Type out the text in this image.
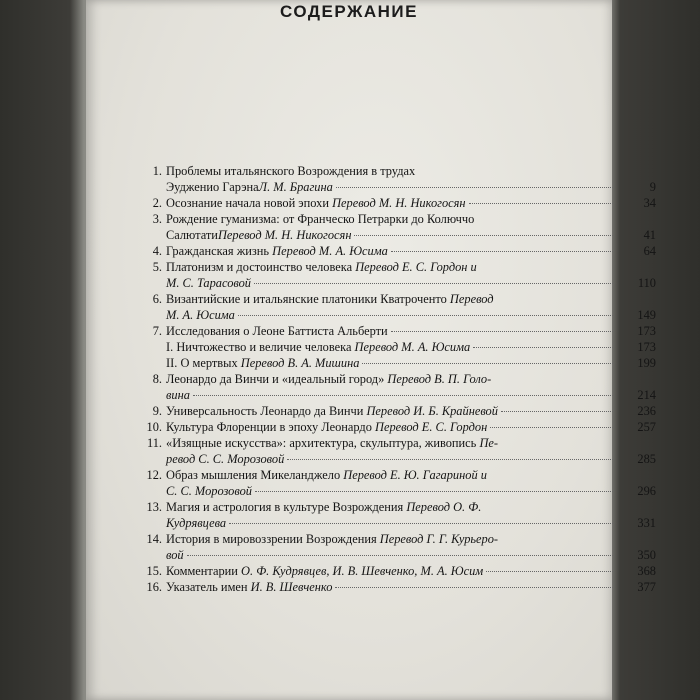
СОДЕРЖАНИЕ
1. Проблемы итальянского Возрождения в трудах
Эудженио Гарэна Л. М. Брагина	9
2. Осознание начала новой эпохи Перевод М. Н. Никогосян	34
3. Рождение гуманизма: от Франческо Петрарки до Колюччо
Салютати Перевод М. Н. Никогосян	41
4. Гражданская жизнь Перевод М. А. Юсима	64
5. Платонизм и достоинство человека Перевод Е. С. Гордон и
М. С. Тарасовой	110
6. Византийские и итальянские платоники Кватроченто Перевод
М. А. Юсима	149
7. Исследования о Леоне Баттиста Альберти	173
I. Ничтожество и величие человека Перевод М. А. Юсима	173
II. О мертвых Перевод В. А. Мишина	199
8. Леонардо да Винчи и «идеальный город» Перевод В. П. Голо-
вина	214
9. Универсальность Леонардо да Винчи Перевод И. Б. Крайневой	236
10. Культура Флоренции в эпоху Леонардо Перевод Е. С. Гордон	257
11. «Изящные искусства»: архитектура, скульптура, живопись Пе-
ревод С. С. Морозовой	285
12. Образ мышления Микеланджело Перевод Е. Ю. Гагариной и
С. С. Морозовой	296
13. Магия и астрология в культуре Возрождения Перевод О. Ф.
Кудрявцева	331
14. История в мировоззрении Возрождения Перевод Г. Г. Курьеро-
вой	350
15. Комментарии О. Ф. Кудрявцев, И. В. Шевченко, М. А. Юсим	368
16. Указатель имен И. В. Шевченко	377
